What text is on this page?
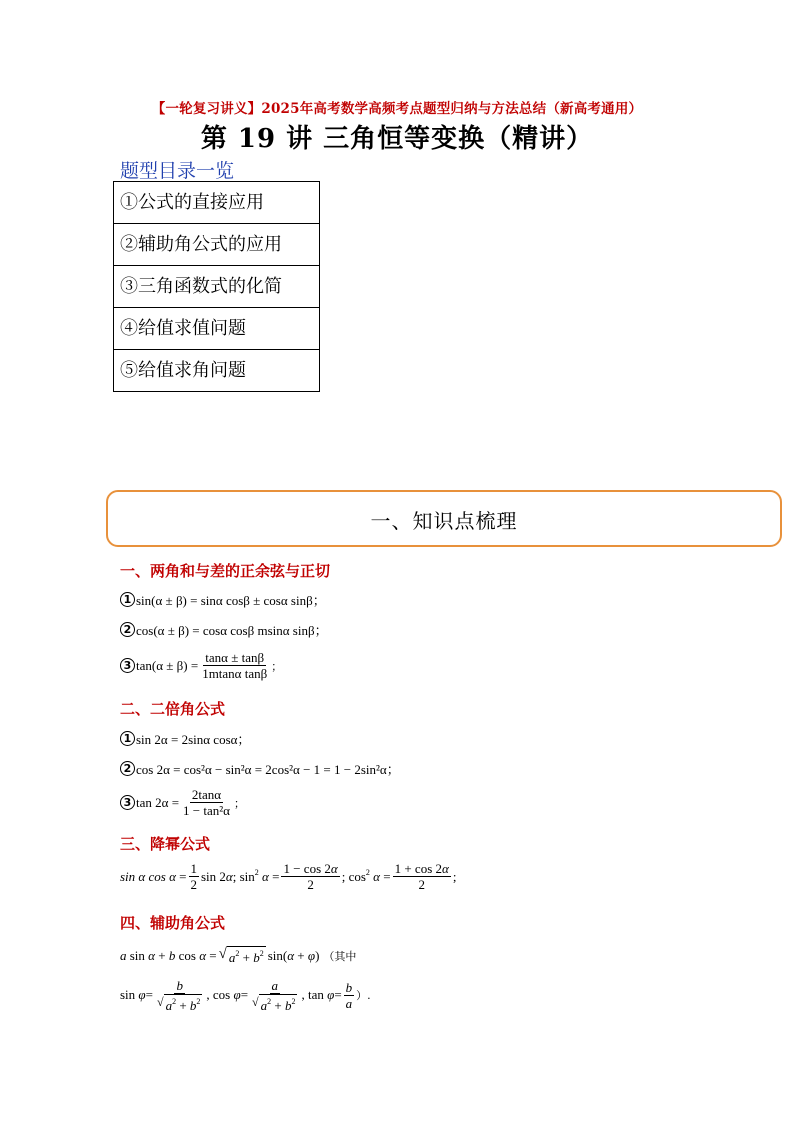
【一轮复习讲义】2025年高考数学高频考点题型归纳与方法总结（新高考通用）
第 19 讲 三角恒等变换（精讲）
题型目录一览
①公式的直接应用
②辅助角公式的应用
③三角函数式的化简
④给值求值问题
⑤给值求角问题
一、知识点梳理
一、两角和与差的正余弦与正切
1 sin(α ± β) = sinα cosβ ± cosα sinβ；
2 cos(α ± β) = cosα cosβ msinα sinβ；
3 $\tan(\alpha \pm \beta) = \frac{\tan\alpha \pm \tan\beta}{\text{1mtanα tanβ}}$ ；
二、二倍角公式
1 sin 2α = 2sinα cosα；
2 cos 2α = cos²α − sin²α = 2cos²α − 1 = 1 − 2sin²α；
3 $\tan 2\alpha = \frac{2\tan\alpha}{\text{1 − tan²α}}$ ；
三、降幂公式
sin α $\cos \alpha = \frac{1}{2}$ sin 2α; $\sin^2 \alpha = \frac{1 - \cos 2\alpha}{2}$ ; $\cos^2 \alpha = \frac{1 + \cos 2\alpha}{2}$ ;
四、辅助角公式
a sin α + b cos α = √ $a^2 + b^2$ sin(α + φ) （其中
$\sin \varphi= \frac{b}{√ a^2 + b^2}$ , $\cos \varphi= \frac{a}{√ a^2 + b^2}$ , $\tan \varphi= \frac{b}{a}$ ）.
